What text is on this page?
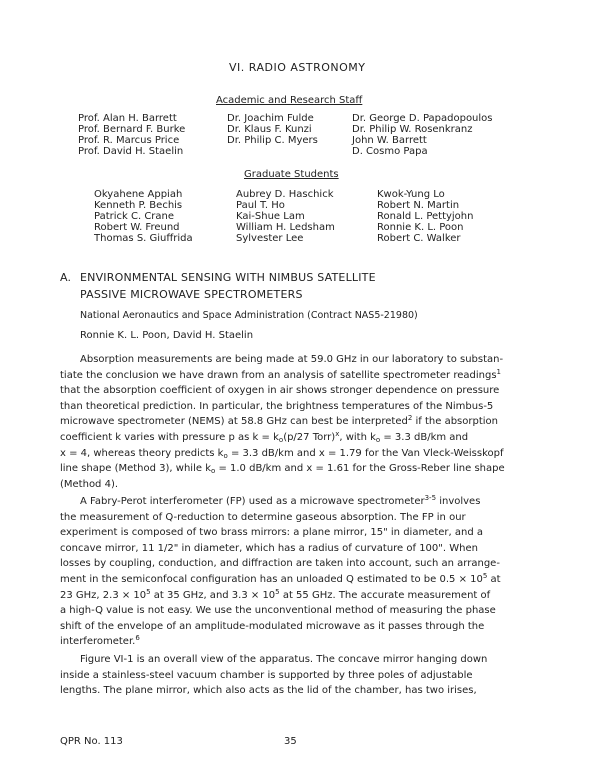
VI. RADIO ASTRONOMY
Academic and Research Staff
Prof. Alan H. Barrett
Prof. Bernard F. Burke
Prof. R. Marcus Price
Prof. David H. Staelin
Dr. Joachim Fulde
Dr. Klaus F. Kunzi
Dr. Philip C. Myers
Dr. George D. Papadopoulos
Dr. Philip W. Rosenkranz
John W. Barrett
D. Cosmo Papa
Graduate Students
Okyahene Appiah
Kenneth P. Bechis
Patrick C. Crane
Robert W. Freund
Thomas S. Giuffrida
Aubrey D. Haschick
Paul T. Ho
Kai-Shue Lam
William H. Ledsham
Sylvester Lee
Kwok-Yung Lo
Robert N. Martin
Ronald L. Pettyjohn
Ronnie K. L. Poon
Robert C. Walker
A. ENVIRONMENTAL SENSING WITH NIMBUS SATELLITE
PASSIVE MICROWAVE SPECTROMETERS
National Aeronautics and Space Administration (Contract NAS5-21980)
Ronnie K. L. Poon, David H. Staelin
Absorption measurements are being made at 59.0 GHz in our laboratory to substan-
tiate the conclusion we have drawn from an analysis of satellite spectrometer readings$^1$
that the absorption coefficient of oxygen in air shows stronger dependence on pressure
than theoretical prediction. In particular, the brightness temperatures of the Nimbus-5
microwave spectrometer (NEMS) at 58.8 GHz can best be interpreted$^2$ if the absorption
coefficient k varies with pressure p as $k = k_o(p/27$ Torr)$^x$, with $k_o = 3.3$ dB/km and
x = 4, whereas theory predicts $k_o = 3.3$ dB/km and x = 1.79 for the Van Vleck-Weisskopf
line shape (Method 3), while $k_o = 1.0$ dB/km and x = 1.61 for the Gross-Reber line shape
(Method 4).
A Fabry-Perot interferometer (FP) used as a microwave spectrometer$^{3-5}$ involves
the measurement of Q-reduction to determine gaseous absorption. The FP in our
experiment is composed of two brass mirrors: a plane mirror, 15" in diameter, and a
concave mirror, 11 1/2" in diameter, which has a radius of curvature of 100". When
losses by coupling, conduction, and diffraction are taken into account, such an arrange-
ment in the semiconfocal configuration has an unloaded Q estimated to be $0.5 \times 10^5$ at
23 GHz, $2.3 \times 10^5$ at 35 GHz, and $3.3 \times 10^5$ at 55 GHz. The accurate measurement of
a high-Q value is not easy. We use the unconventional method of measuring the phase
shift of the envelope of an amplitude-modulated microwave as it passes through the
interferometer.$^6$
Figure VI-1 is an overall view of the apparatus. The concave mirror hanging down
inside a stainless-steel vacuum chamber is supported by three poles of adjustable
lengths. The plane mirror, which also acts as the lid of the chamber, has two irises,
QPR No. 113	35
